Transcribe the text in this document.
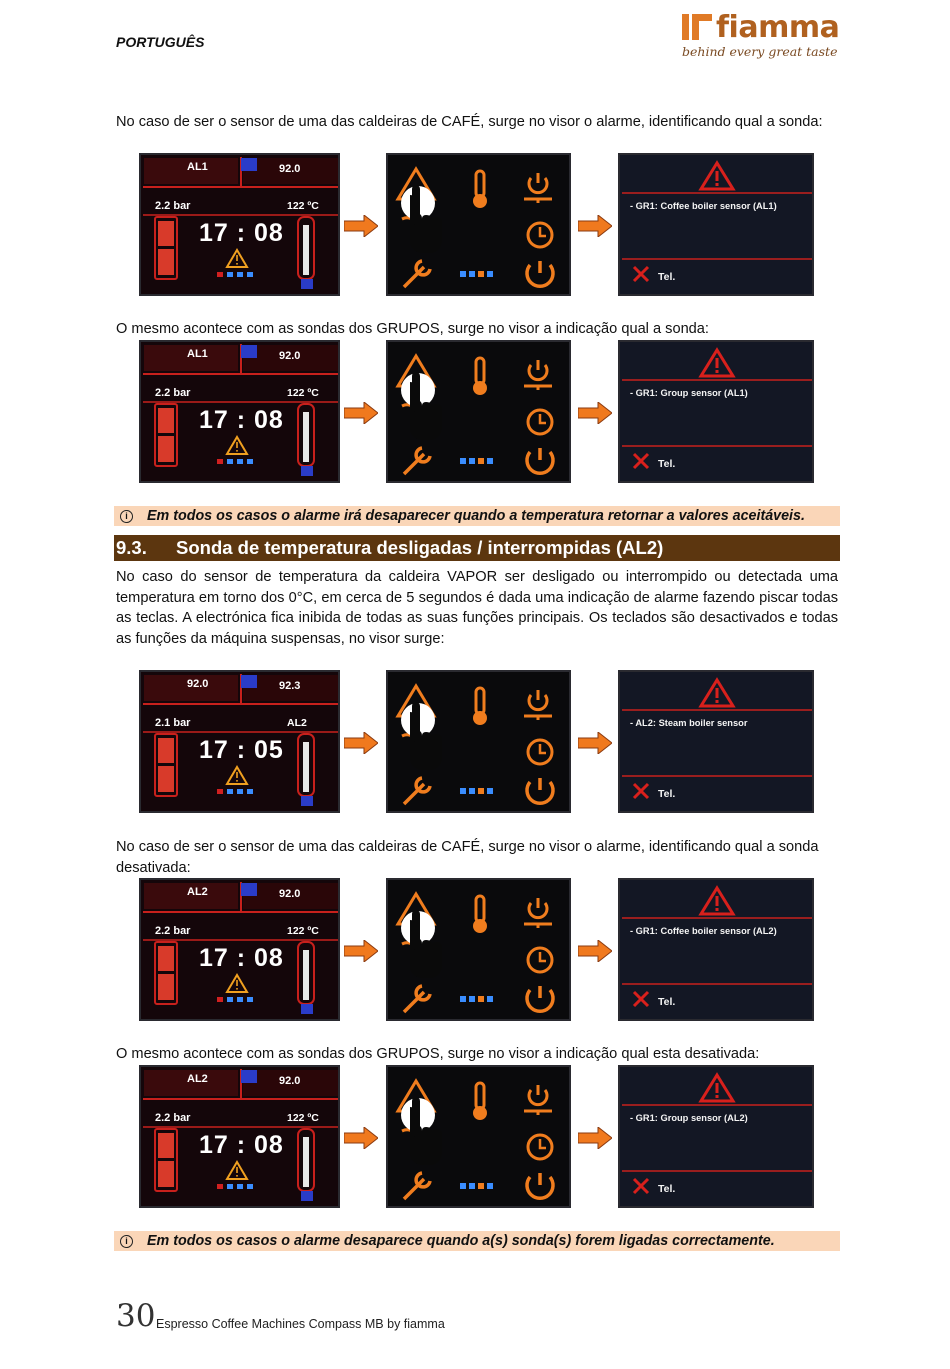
PORTUGUÊS	fiamma
behind every great taste
No caso de ser o sensor de uma das caldeiras de CAFÉ, surge no visor o alarme, identificando qual a sonda:
AL1	92.0
2.2 bar	122 ºC
17 : 08
- GR1: Coffee boiler sensor (AL1)
Tel.
O mesmo acontece com as sondas dos GRUPOS, surge no visor a indicação qual a sonda:
AL1	92.0
2.2 bar	122 ºC
17 : 08
- GR1: Group sensor (AL1)
Tel.
i Em todos os casos o alarme irá desaparecer quando a temperatura retornar a valores aceitáveis.
9.3. Sonda de temperatura desligadas / interrompidas (AL2)
No caso do sensor de temperatura da caldeira VAPOR ser desligado ou interrompido ou detectada uma temperatura em torno dos 0°C, em cerca de 5 segundos é dada uma indicação de alarme fazendo piscar todas as teclas. A electrónica fica inibida de todas as suas funções principais. Os teclados são desactivados e todas as funções da máquina suspensas, no visor surge:
92.0	92.3
2.1 bar	AL2
17 : 05
- AL2: Steam boiler sensor
Tel.
No caso de ser o sensor de uma das caldeiras de CAFÉ, surge no visor o alarme, identificando qual a sonda desativada:
AL2	92.0
2.2 bar	122 ºC
17 : 08
- GR1: Coffee boiler sensor (AL2)
Tel.
O mesmo acontece com as sondas dos GRUPOS, surge no visor a indicação qual esta desativada:
AL2	92.0
2.2 bar	122 ºC
17 : 08
- GR1: Group sensor (AL2)
Tel.
i Em todos os casos o alarme desaparece quando a(s) sonda(s) forem ligadas correctamente.
30 Espresso Coffee Machines Compass MB by fiamma
